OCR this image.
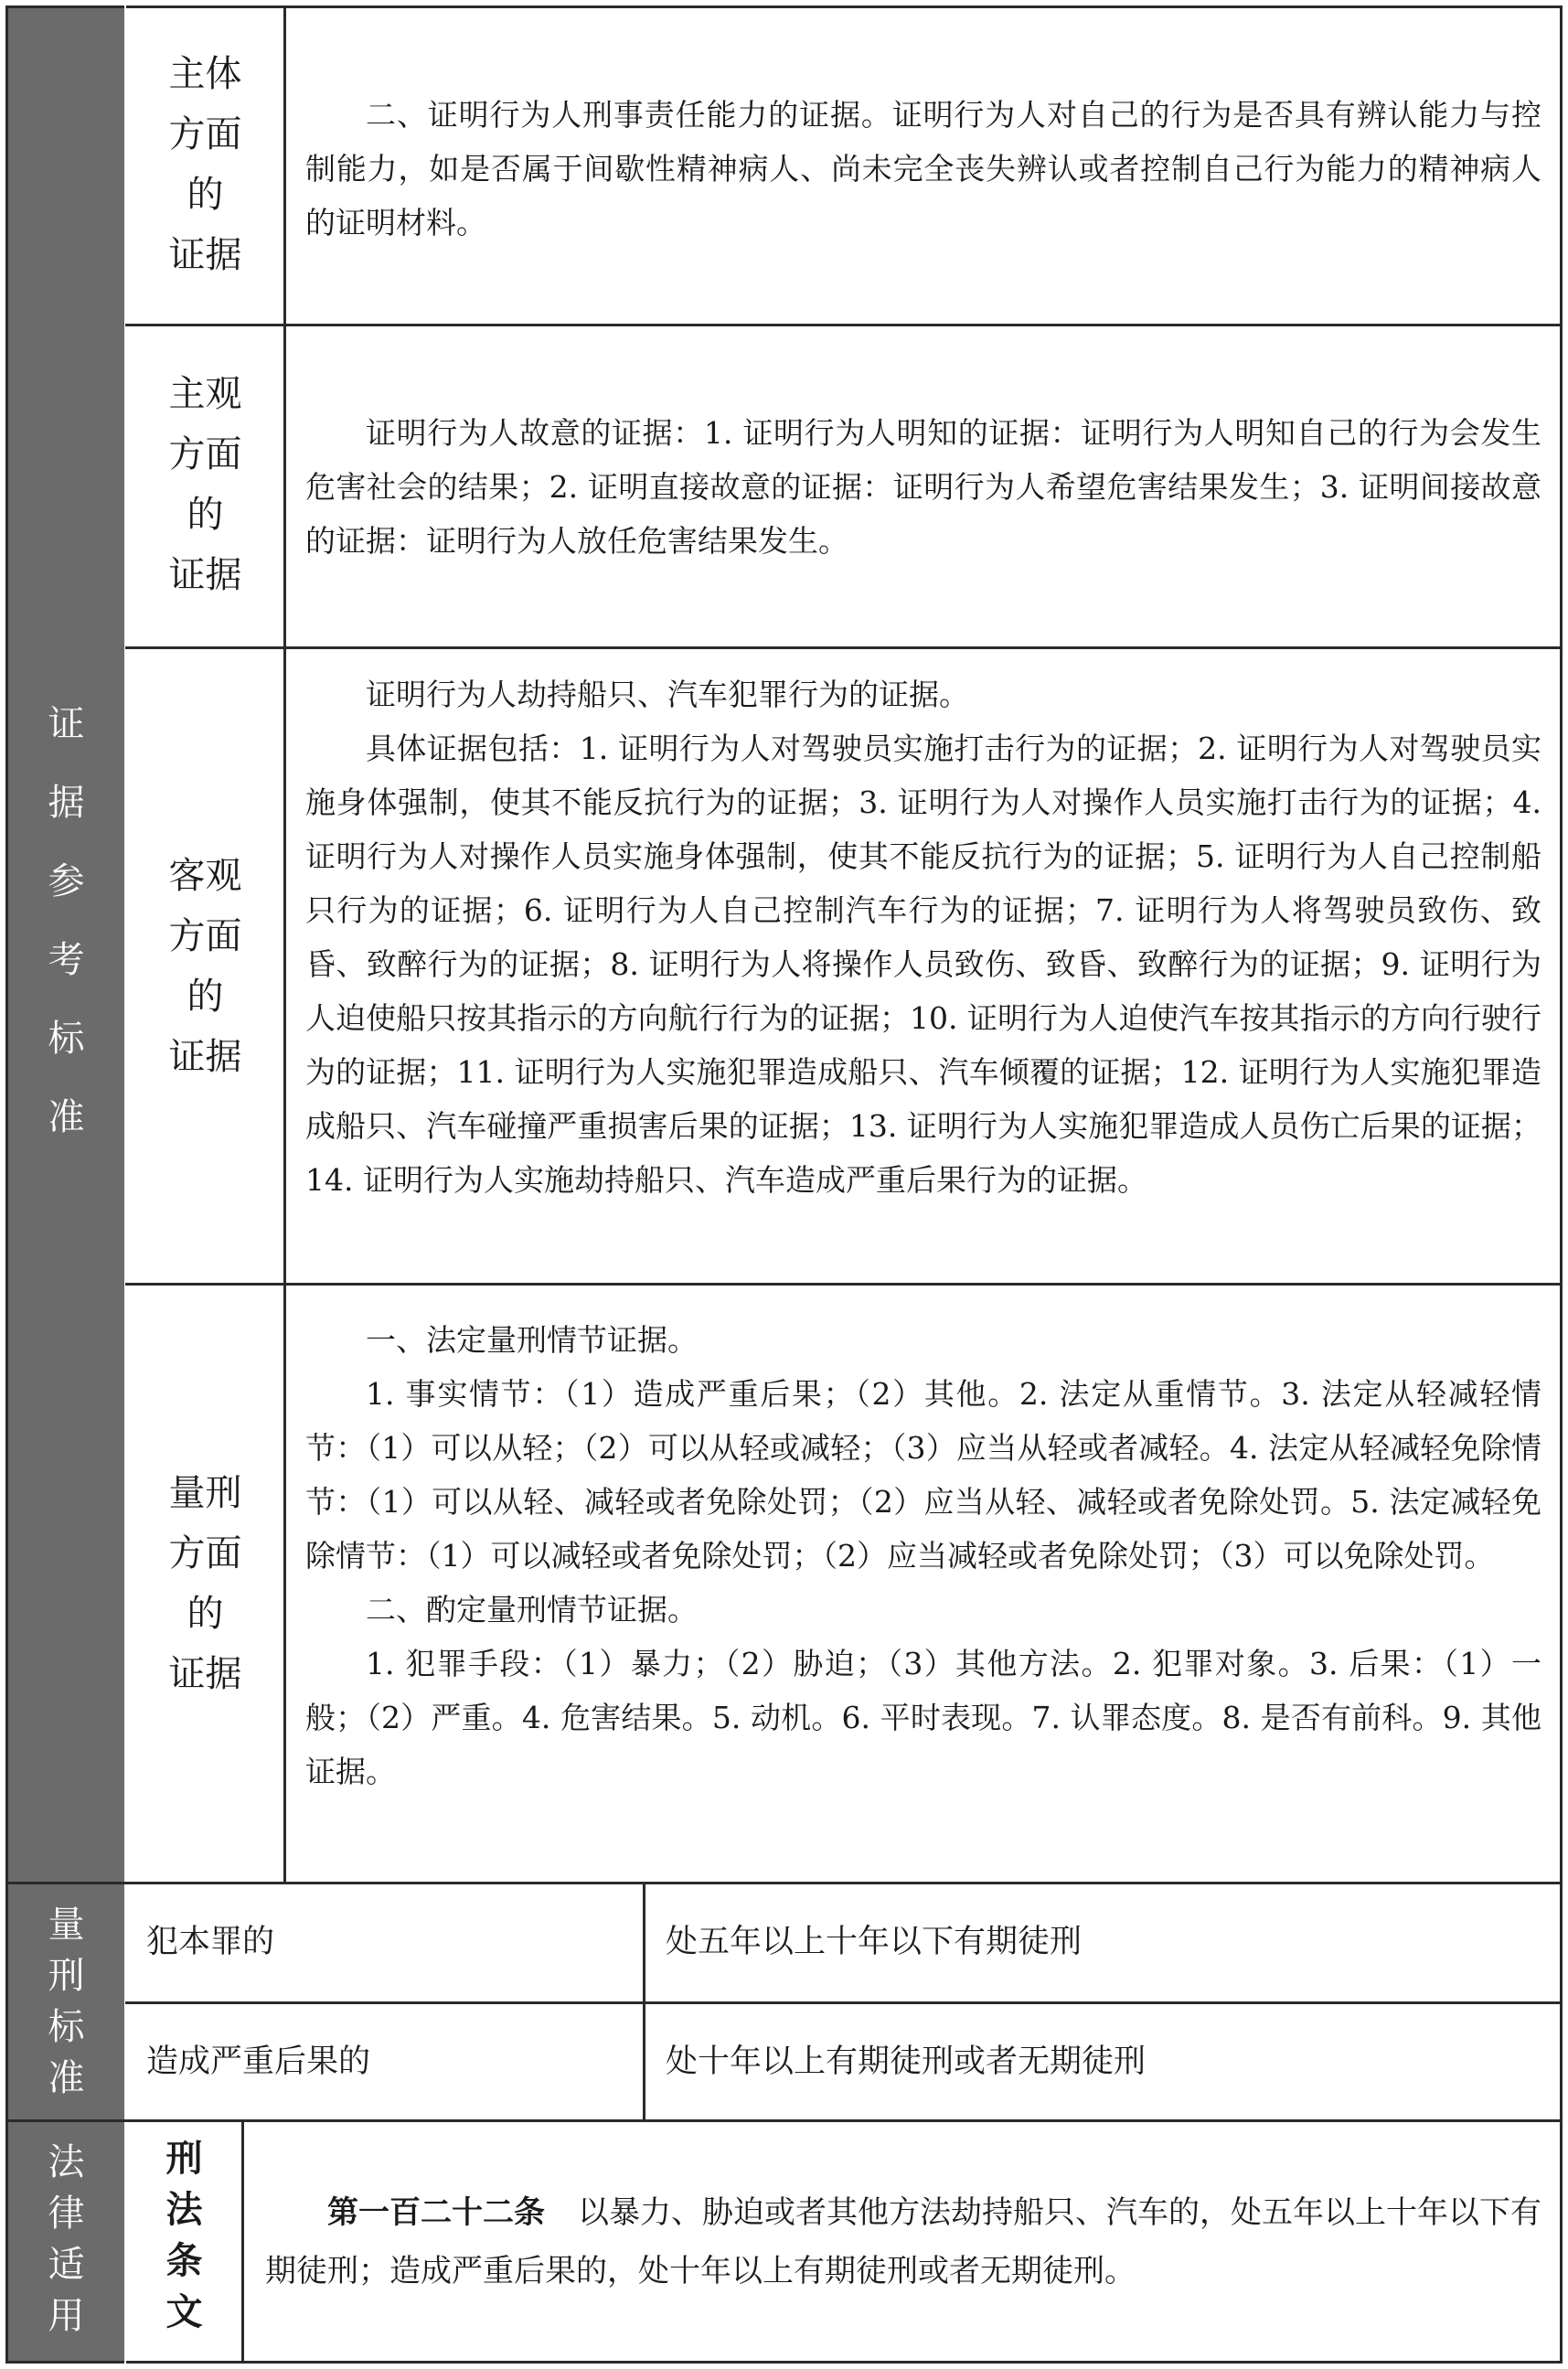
证
据
参
考
标
准
主体
方面
的
证据

二、证明行为人刑事责任能力的证据。证明行为人对自己的行为是否具有辨认能力与控制能力，如是否属于间歇性精神病人、尚未完全丧失辨认或者控制自己行为能力的精神病人的证明材料。

主观
方面
的
证据

证明行为人故意的证据：1. 证明行为人明知的证据：证明行为人明知自己的行为会发生危害社会的结果；2. 证明直接故意的证据：证明行为人希望危害结果发生；3. 证明间接故意的证据：证明行为人放任危害结果发生。

客观
方面
的
证据

证明行为人劫持船只、汽车犯罪行为的证据。

具体证据包括：1. 证明行为人对驾驶员实施打击行为的证据；2. 证明行为人对驾驶员实施身体强制，使其不能反抗行为的证据；3. 证明行为人对操作人员实施打击行为的证据；4. 证明行为人对操作人员实施身体强制，使其不能反抗行为的证据；5. 证明行为人自己控制船只行为的证据；6. 证明行为人自己控制汽车行为的证据；7. 证明行为人将驾驶员致伤、致昏、致醉行为的证据；8. 证明行为人将操作人员致伤、致昏、致醉行为的证据；9. 证明行为人迫使船只按其指示的方向航行行为的证据；10. 证明行为人迫使汽车按其指示的方向行驶行为的证据；11. 证明行为人实施犯罪造成船只、汽车倾覆的证据；12. 证明行为人实施犯罪造成船只、汽车碰撞严重损害后果的证据；13. 证明行为人实施犯罪造成人员伤亡后果的证据；14. 证明行为人实施劫持船只、汽车造成严重后果行为的证据。

量刑
方面
的
证据

一、法定量刑情节证据。

1. 事实情节：（1）造成严重后果；（2）其他。2. 法定从重情节。3. 法定从轻减轻情节：（1）可以从轻；（2）可以从轻或减轻；（3）应当从轻或者减轻。4. 法定从轻减轻免除情节：（1）可以从轻、减轻或者免除处罚；（2）应当从轻、减轻或者免除处罚。5. 法定减轻免除情节：（1）可以减轻或者免除处罚；（2）应当减轻或者免除处罚；（3）可以免除处罚。

二、酌定量刑情节证据。

1. 犯罪手段：（1）暴力；（2）胁迫；（3）其他方法。2. 犯罪对象。3. 后果：（1）一般；（2）严重。4. 危害结果。5. 动机。6. 平时表现。7. 认罪态度。8. 是否有前科。9. 其他证据。

量
刑
标
准
犯本罪的	处五年以上十年以下有期徒刑
造成严重后果的	处十年以上有期徒刑或者无期徒刑
法
律
适
用
刑
法
条
文

第一百二十二条 以暴力、胁迫或者其他方法劫持船只、汽车的，处五年以上十年以下有期徒刑；造成严重后果的，处十年以上有期徒刑或者无期徒刑。
